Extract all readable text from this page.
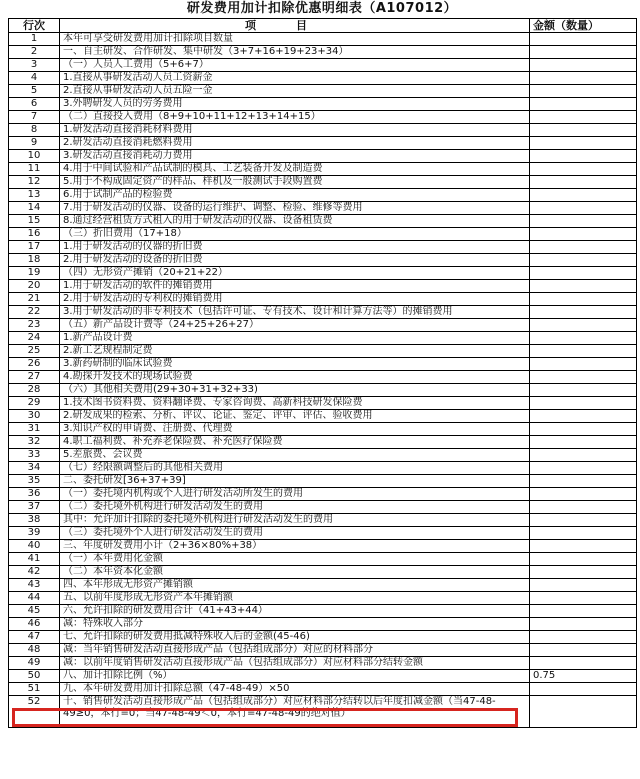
研发费用加计扣除优惠明细表（A107012）
行次	项目	金额（数量）
1	本年可享受研发费用加计扣除项目数量	
2	一、自主研发、合作研发、集中研发（3+7+16+19+23+34）	
3	（一）人员人工费用（5+6+7）	
4	1.直接从事研发活动人员工资薪金	
5	2.直接从事研发活动人员五险一金	
6	3.外聘研发人员的劳务费用	
7	（二）直接投入费用（8+9+10+11+12+13+14+15）	
8	1.研发活动直接消耗材料费用	
9	2.研发活动直接消耗燃料费用	
10	3.研发活动直接消耗动力费用	
11	4.用于中间试验和产品试制的模具、工艺装备开发及制造费	
12	5.用于不构成固定资产的样品、样机及一般测试手段购置费	
13	6.用于试制产品的检验费	
14	7.用于研发活动的仪器、设备的运行维护、调整、检验、维修等费用	
15	8.通过经营租赁方式租入的用于研发活动的仪器、设备租赁费	
16	（三）折旧费用（17+18）	
17	1.用于研发活动的仪器的折旧费	
18	2.用于研发活动的设备的折旧费	
19	（四）无形资产摊销（20+21+22）	
20	1.用于研发活动的软件的摊销费用	
21	2.用于研发活动的专利权的摊销费用	
22	3.用于研发活动的非专利技术（包括许可证、专有技术、设计和计算方法等）的摊销费用	
23	（五）新产品设计费等（24+25+26+27）	
24	1.新产品设计费	
25	2.新工艺规程制定费	
26	3.新药研制的临床试验费	
27	4.勘探开发技术的现场试验费	
28	（六）其他相关费用(29+30+31+32+33)	
29	1.技术图书资料费、资料翻译费、专家咨询费、高新科技研发保险费	
30	2.研发成果的检索、分析、评议、论证、鉴定、评审、评估、验收费用	
31	3.知识产权的申请费、注册费、代理费	
32	4.职工福利费、补充养老保险费、补充医疗保险费	
33	5.差旅费、会议费	
34	（七）经限额调整后的其他相关费用	
35	二、委托研发[36+37+39]	
36	（一）委托境内机构或个人进行研发活动所发生的费用	
37	（二）委托境外机构进行研发活动发生的费用	
38	其中：允许加计扣除的委托境外机构进行研发活动发生的费用	
39	（三）委托境外个人进行研发活动发生的费用	
40	三、年度研发费用小计（2+36×80%+38）	
41	（一）本年费用化金额	
42	（二）本年资本化金额	
43	四、本年形成无形资产摊销额	
44	五、以前年度形成无形资产本年摊销额	
45	六、允许扣除的研发费用合计（41+43+44）	
46	减：特殊收入部分	
47	七、允许扣除的研发费用抵减特殊收入后的金额(45-46)	
48	减：当年销售研发活动直接形成产品（包括组成部分）对应的材料部分	
49	减：以前年度销售研发活动直接形成产品（包括组成部分）对应材料部分结转金额	
50	八、加计扣除比例（%）	0.75
51	九、本年研发费用加计扣除总额（47-48-49）×50	
52	十、销售研发活动直接形成产品（包括组成部分）对应材料部分结转以后年度扣减金额（当47-48-49≥0，本行=0；当47-48-49＜0，本行=47-48-49的绝对值）	
